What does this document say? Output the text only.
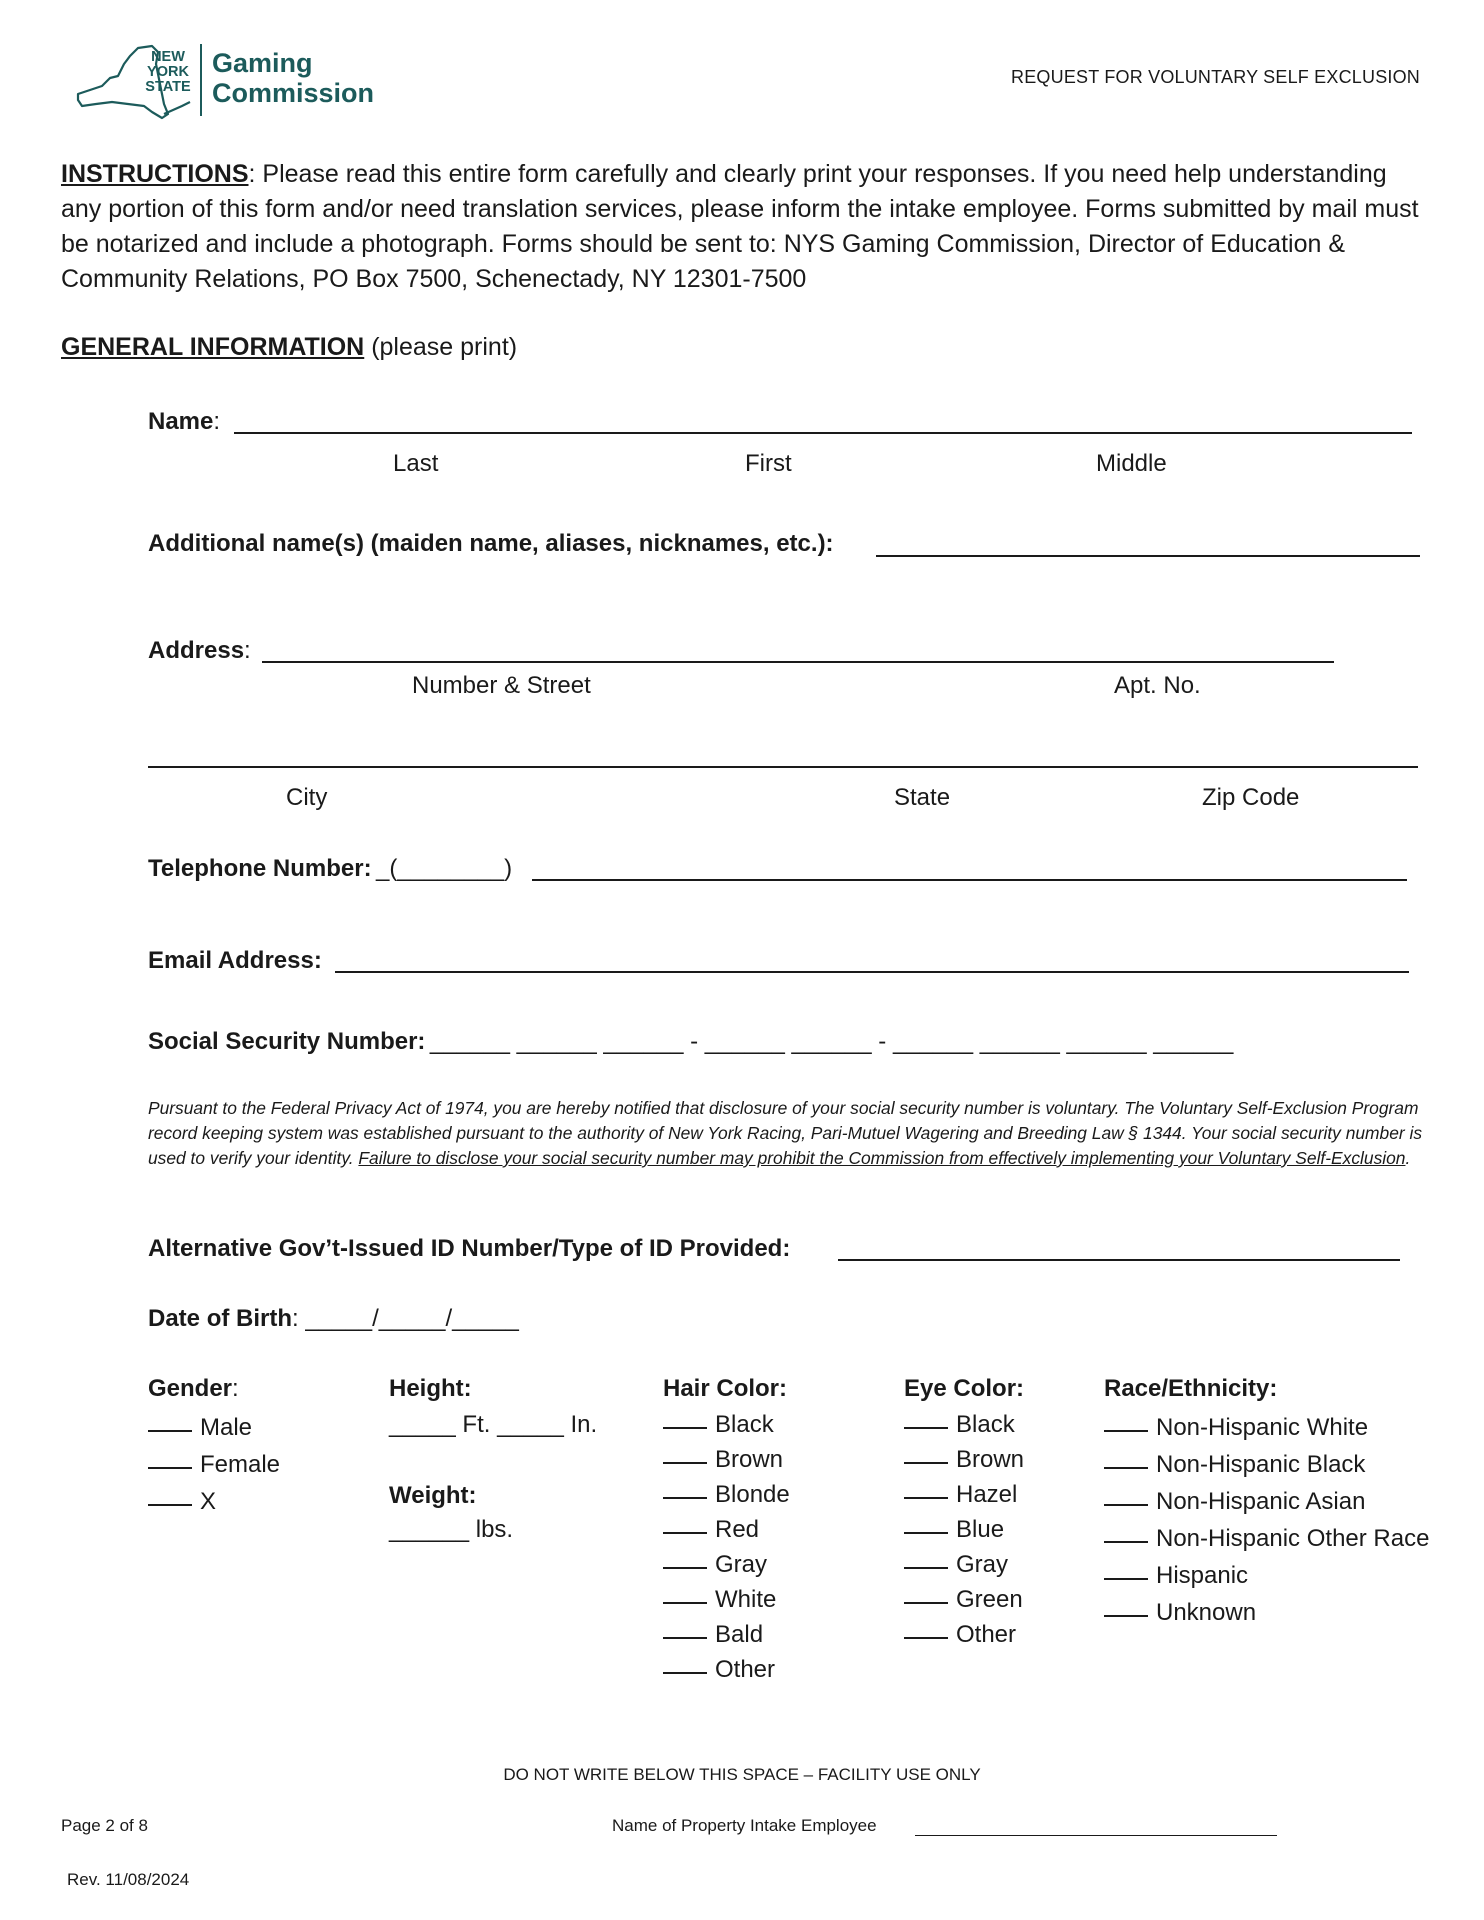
NEW YORK STATE
Gaming
Commission
REQUEST FOR VOLUNTARY SELF EXCLUSION
INSTRUCTIONS: Please read this entire form carefully and clearly print your responses. If you need help understanding any portion of this form and/or need translation services, please inform the intake employee. Forms submitted by mail must be notarized and include a photograph. Forms should be sent to: NYS Gaming Commission, Director of Education & Community Relations, PO Box 7500, Schenectady, NY 12301-7500
GENERAL INFORMATION (please print)
Name:
Last	First	Middle
Additional name(s) (maiden name, aliases, nicknames, etc.):
Address:
Number & Street	Apt. No.
City	State	Zip Code
Telephone Number: _(________)
Email Address:
Social Security Number: ______ ______ ______ - ______ ______ - ______ ______ ______ ______
Pursuant to the Federal Privacy Act of 1974, you are hereby notified that disclosure of your social security number is voluntary. The Voluntary Self-Exclusion Program record keeping system was established pursuant to the authority of New York Racing, Pari-Mutuel Wagering and Breeding Law § 1344. Your social security number is used to verify your identity. Failure to disclose your social security number may prohibit the Commission from effectively implementing your Voluntary Self-Exclusion.
Alternative Gov’t-Issued ID Number/Type of ID Provided:
Date of Birth: _____/_____/_____
Gender:
Male
Female
X
Height:
_____ Ft. _____ In.
Weight:
______ lbs.
Hair Color:
Black
Brown
Blonde
Red
Gray
White
Bald
Other
Eye Color:
Black
Brown
Hazel
Blue
Gray
Green
Other
Race/Ethnicity:
Non-Hispanic White
Non-Hispanic Black
Non-Hispanic Asian
Non-Hispanic Other Race
Hispanic
Unknown
DO NOT WRITE BELOW THIS SPACE – FACILITY USE ONLY
Page 2 of 8	Name of Property Intake Employee
Rev. 11/08/2024
